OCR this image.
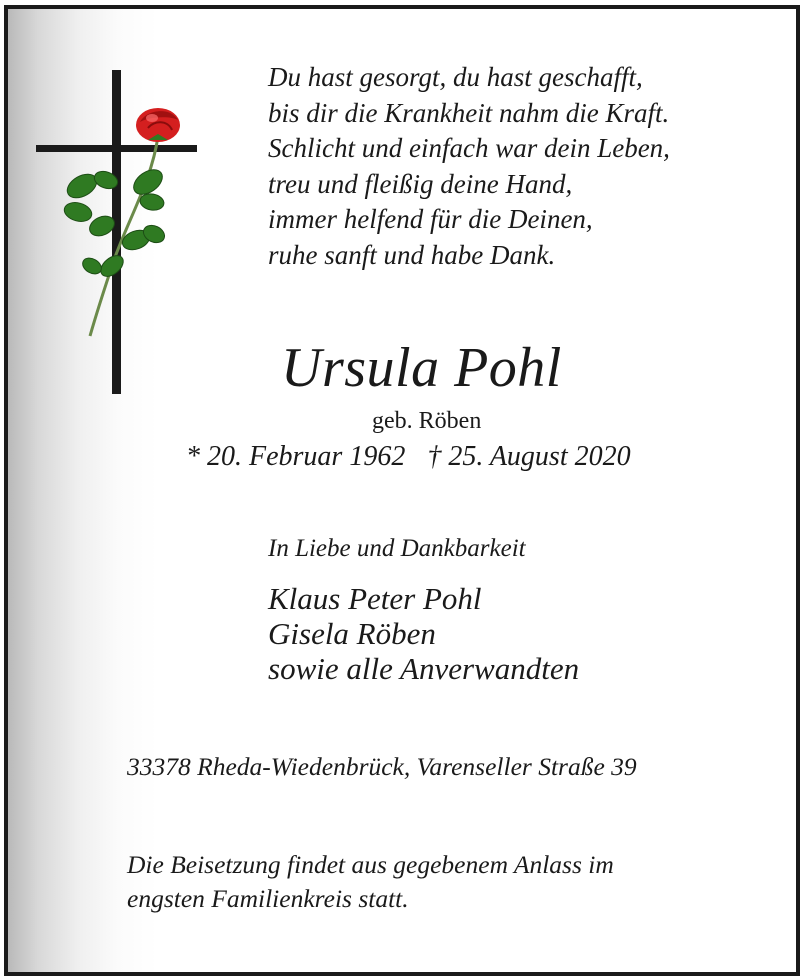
Du hast gesorgt, du hast geschafft,
bis dir die Krankheit nahm die Kraft.
Schlicht und einfach war dein Leben,
treu und fleißig deine Hand,
immer helfend für die Deinen,
ruhe sanft und habe Dank.
Ursula Pohl
geb. Röben
* 20. Februar 1962 † 25. August 2020
In Liebe und Dankbarkeit
Klaus Peter Pohl
Gisela Röben
sowie alle Anverwandten
33378 Rheda-Wiedenbrück, Varenseller Straße 39
Die Beisetzung findet aus gegebenem Anlass im
engsten Familienkreis statt.
